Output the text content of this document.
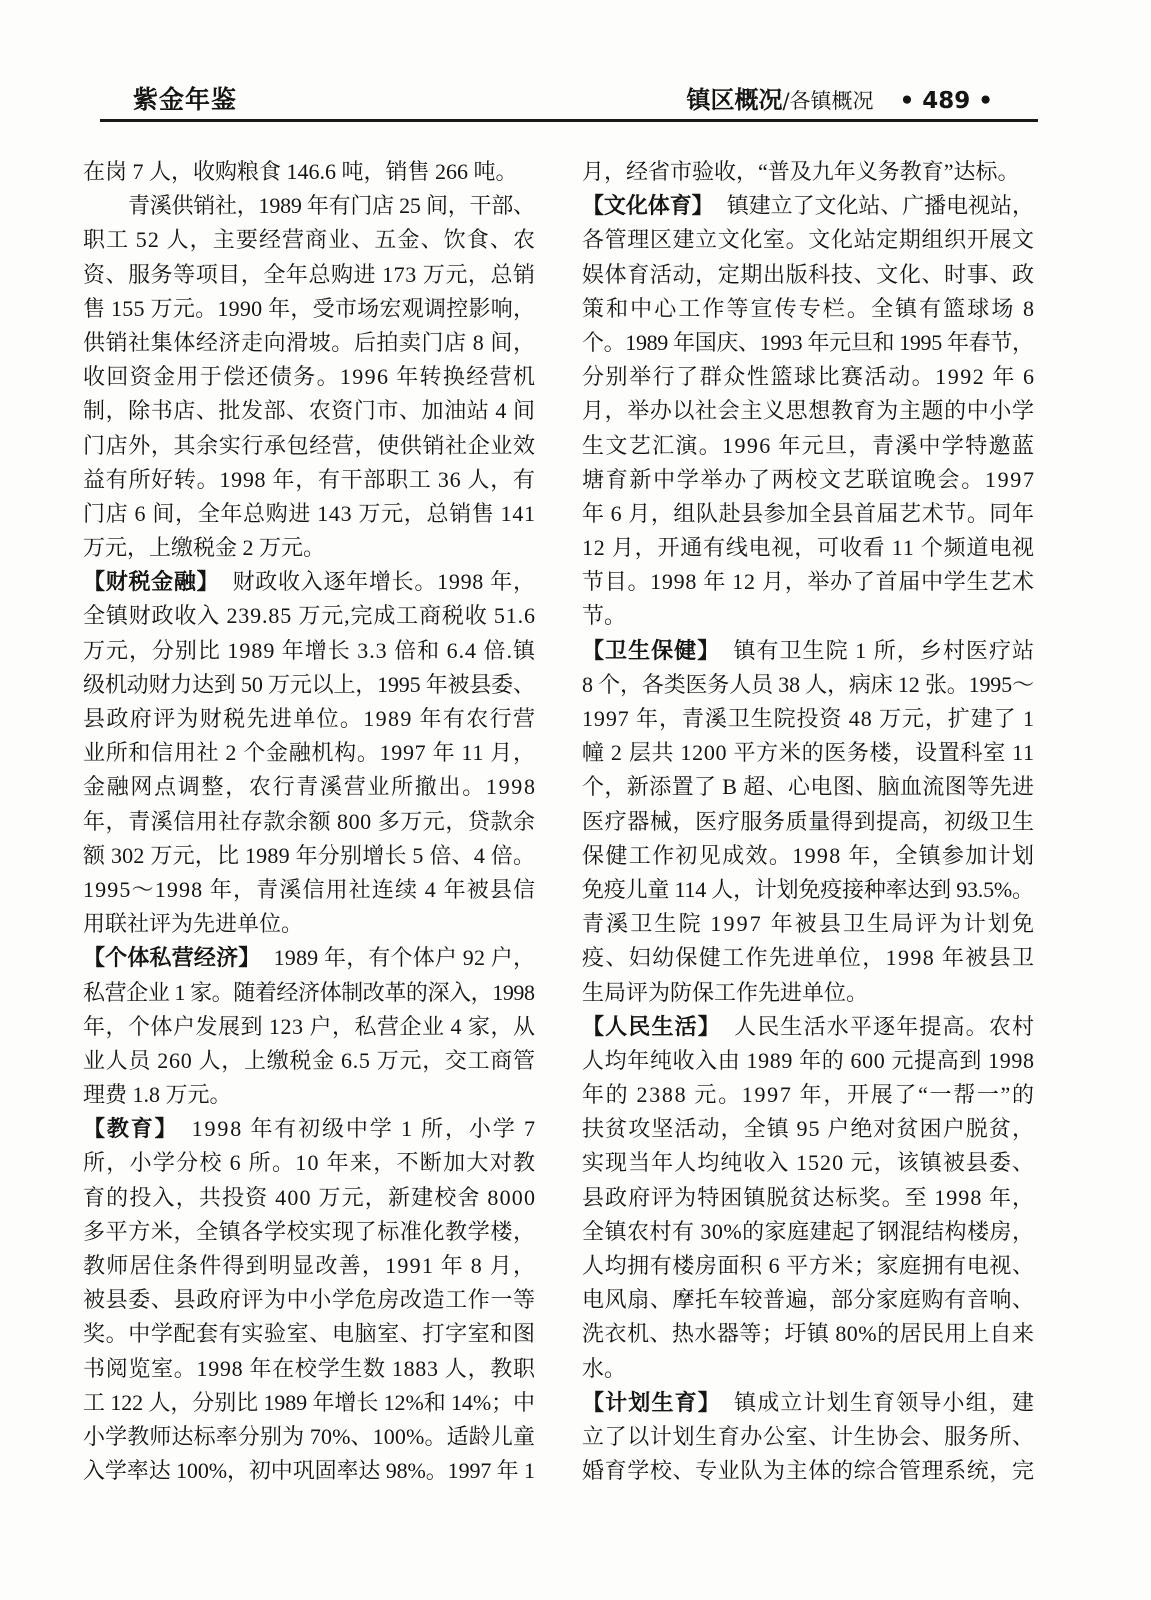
紫金年鉴	镇区概况 /各镇概况 • 489 •
在岗 7 人，收购粮食 146.6 吨，销售 266 吨。
青溪供销社，1989 年有门店 25 间，干部、
职工 52 人，主要经营商业、五金、饮食、农
资、服务等项目，全年总购进 173 万元，总销
售 155 万元。1990 年，受市场宏观调控影响，
供销社集体经济走向滑坡。后拍卖门店 8 间，
收回资金用于偿还债务。1996 年转换经营机
制，除书店、批发部、农资门市、加油站 4 间
门店外，其余实行承包经营，使供销社企业效
益有所好转。1998 年，有干部职工 36 人，有
门店 6 间，全年总购进 143 万元，总销售 141
万元，上缴税金 2 万元。
【财税金融】 财政收入逐年增长。1998 年，
全镇财政收入 239.85 万元,完成工商税收 51.6
万元，分别比 1989 年增长 3.3 倍和 6.4 倍.镇
级机动财力达到 50 万元以上，1995 年被县委、
县政府评为财税先进单位。1989 年有农行营
业所和信用社 2 个金融机构。1997 年 11 月，
金融网点调整，农行青溪营业所撤出。1998
年，青溪信用社存款余额 800 多万元，贷款余
额 302 万元，比 1989 年分别增长 5 倍、4 倍。
1995～1998 年，青溪信用社连续 4 年被县信
用联社评为先进单位。
【个体私营经济】 1989 年，有个体户 92 户，
私营企业 1 家。随着经济体制改革的深入，1998
年，个体户发展到 123 户，私营企业 4 家，从
业人员 260 人，上缴税金 6.5 万元，交工商管
理费 1.8 万元。
【教育】 1998 年有初级中学 1 所，小学 7
所，小学分校 6 所。10 年来，不断加大对教
育的投入，共投资 400 万元，新建校舍 8000
多平方米，全镇各学校实现了标准化教学楼，
教师居住条件得到明显改善，1991 年 8 月，
被县委、县政府评为中小学危房改造工作一等
奖。中学配套有实验室、电脑室、打字室和图
书阅览室。1998 年在校学生数 1883 人，教职
工 122 人，分别比 1989 年增长 12%和 14%；中
小学教师达标率分别为 70%、100%。适龄儿童
入学率达 100%，初中巩固率达 98%。1997 年 1
月，经省市验收，“普及九年义务教育”达标。
【文化体育】 镇建立了文化站、广播电视站，
各管理区建立文化室。文化站定期组织开展文
娱体育活动，定期出版科技、文化、时事、政
策和中心工作等宣传专栏。全镇有篮球场 8
个。1989 年国庆、1993 年元旦和 1995 年春节，
分别举行了群众性篮球比赛活动。1992 年 6
月，举办以社会主义思想教育为主题的中小学
生文艺汇演。1996 年元旦，青溪中学特邀蓝
塘育新中学举办了两校文艺联谊晚会。1997
年 6 月，组队赴县参加全县首届艺术节。同年
12 月，开通有线电视，可收看 11 个频道电视
节目。1998 年 12 月，举办了首届中学生艺术
节。
【卫生保健】 镇有卫生院 1 所，乡村医疗站
8 个，各类医务人员 38 人，病床 12 张。1995～
1997 年，青溪卫生院投资 48 万元，扩建了 1
幢 2 层共 1200 平方米的医务楼，设置科室 11
个，新添置了 B 超、心电图、脑血流图等先进
医疗器械，医疗服务质量得到提高，初级卫生
保健工作初见成效。1998 年，全镇参加计划
免疫儿童 114 人，计划免疫接种率达到 93.5%。
青溪卫生院 1997 年被县卫生局评为计划免
疫、妇幼保健工作先进单位，1998 年被县卫
生局评为防保工作先进单位。
【人民生活】 人民生活水平逐年提高。农村
人均年纯收入由 1989 年的 600 元提高到 1998
年的 2388 元。1997 年，开展了“一帮一”的
扶贫攻坚活动，全镇 95 户绝对贫困户脱贫，
实现当年人均纯收入 1520 元，该镇被县委、
县政府评为特困镇脱贫达标奖。至 1998 年，
全镇农村有 30%的家庭建起了钢混结构楼房，
人均拥有楼房面积 6 平方米；家庭拥有电视、
电风扇、摩托车较普遍，部分家庭购有音响、
洗衣机、热水器等；圩镇 80%的居民用上自来
水。
【计划生育】 镇成立计划生育领导小组，建
立了以计划生育办公室、计生协会、服务所、
婚育学校、专业队为主体的综合管理系统，完
